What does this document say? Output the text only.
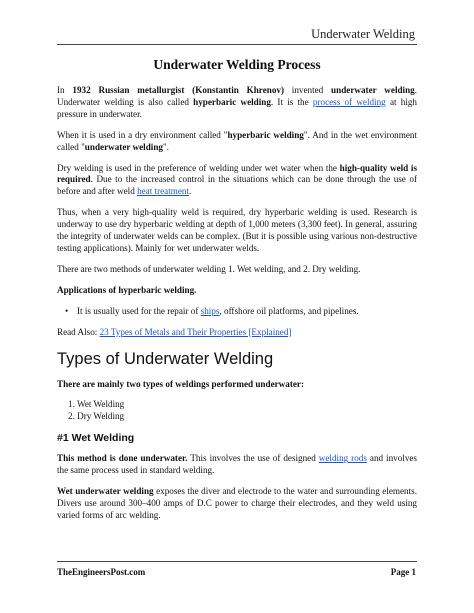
Underwater Welding
Underwater Welding Process

In 1932 Russian metallurgist (Konstantin Khrenov) invented underwater welding. Underwater welding is also called hyperbaric welding. It is the process of welding at high pressure in underwater.

When it is used in a dry environment called "hyperbaric welding". And in the wet environment called "underwater welding".

Dry welding is used in the preference of welding under wet water when the high-quality weld is required. Due to the increased control in the situations which can be done through the use of before and after weld heat treatment.

Thus, when a very high-quality weld is required, dry hyperbaric welding is used. Research is underway to use dry hyperbaric welding at depth of 1,000 meters (3,300 feet). In general, assuring the integrity of underwater welds can be complex. (But it is possible using various non-destructive testing applications). Mainly for wet underwater welds.

There are two methods of underwater welding 1. Wet welding, and 2. Dry welding.

Applications of hyperbaric welding.

• It is usually used for the repair of ships, offshore oil platforms, and pipelines.

Read Also: 23 Types of Metals and Their Properties [Explained]

Types of Underwater Welding

There are mainly two types of weldings performed underwater:

1. Wet Welding
2. Dry Welding
#1 Wet Welding

This method is done underwater. This involves the use of designed welding rods and involves the same process used in standard welding.

Wet underwater welding exposes the diver and electrode to the water and surrounding elements. Divers use around 300–400 amps of D.C power to charge their electrodes, and they weld using varied forms of arc welding.

TheEngineersPost.com	Page 1
